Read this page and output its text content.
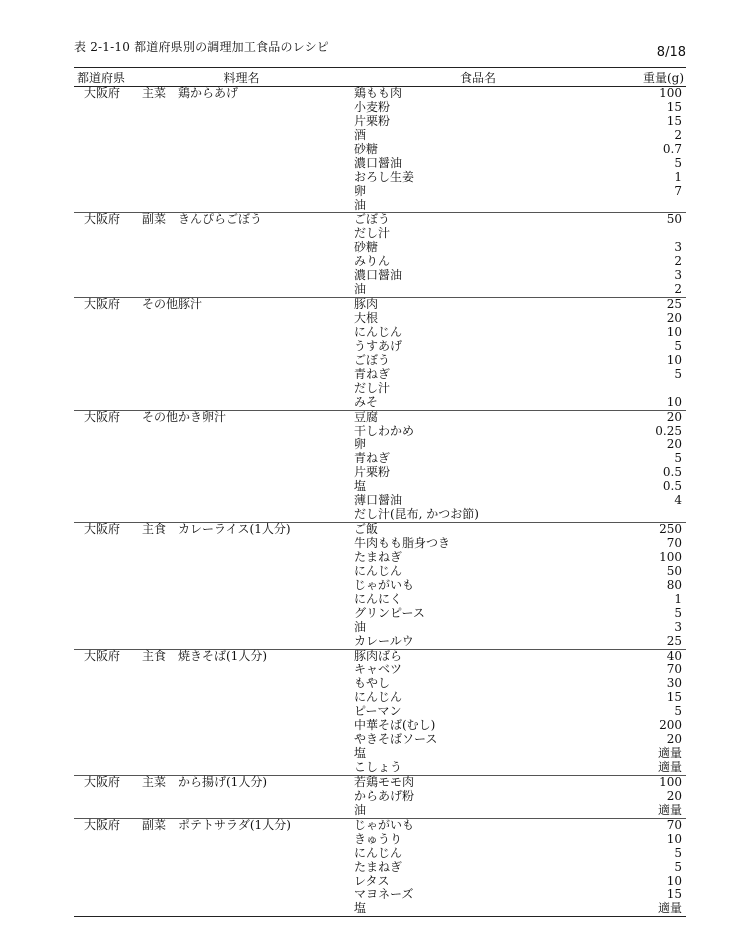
表 2-1-10 都道府県別の調理加工食品のレシピ	8/18
都道府県	料理名	食品名	重量(g)
大阪府	主菜 鶏からあげ	鶏もも肉	100
小麦粉	15
片栗粉	15
酒	2
砂糖	0.7
濃口醤油	5
おろし生姜	1
卵	7
油
大阪府	副菜 きんぴらごぼう	ごぼう	50
だし汁
砂糖	3
みりん	2
濃口醤油	3
油	2
大阪府	その他 豚汁	豚肉	25
大根	20
にんじん	10
うすあげ	5
ごぼう	10
青ねぎ	5
だし汁
みそ	10
大阪府	その他 かき卵汁	豆腐	20
干しわかめ	0.25
卵	20
青ねぎ	5
片栗粉	0.5
塩	0.5
薄口醤油	4
だし汁(昆布, かつお節)
大阪府	主食 カレーライス(1人分)	ご飯	250
牛肉もも脂身つき	70
たまねぎ	100
にんじん	50
じゃがいも	80
にんにく	1
グリンピース	5
油	3
カレールウ	25
大阪府	主食 焼きそば(1人分)	豚肉ばら	40
キャベツ	70
もやし	30
にんじん	15
ピーマン	5
中華そば(むし)	200
やきそばソース	20
塩	適量
こしょう	適量
大阪府	主菜 から揚げ(1人分)	若鶏モモ肉	100
からあげ粉	20
油	適量
大阪府	副菜 ポテトサラダ(1人分)	じゃがいも	70
きゅうり	10
にんじん	5
たまねぎ	5
レタス	10
マヨネーズ	15
塩	適量
